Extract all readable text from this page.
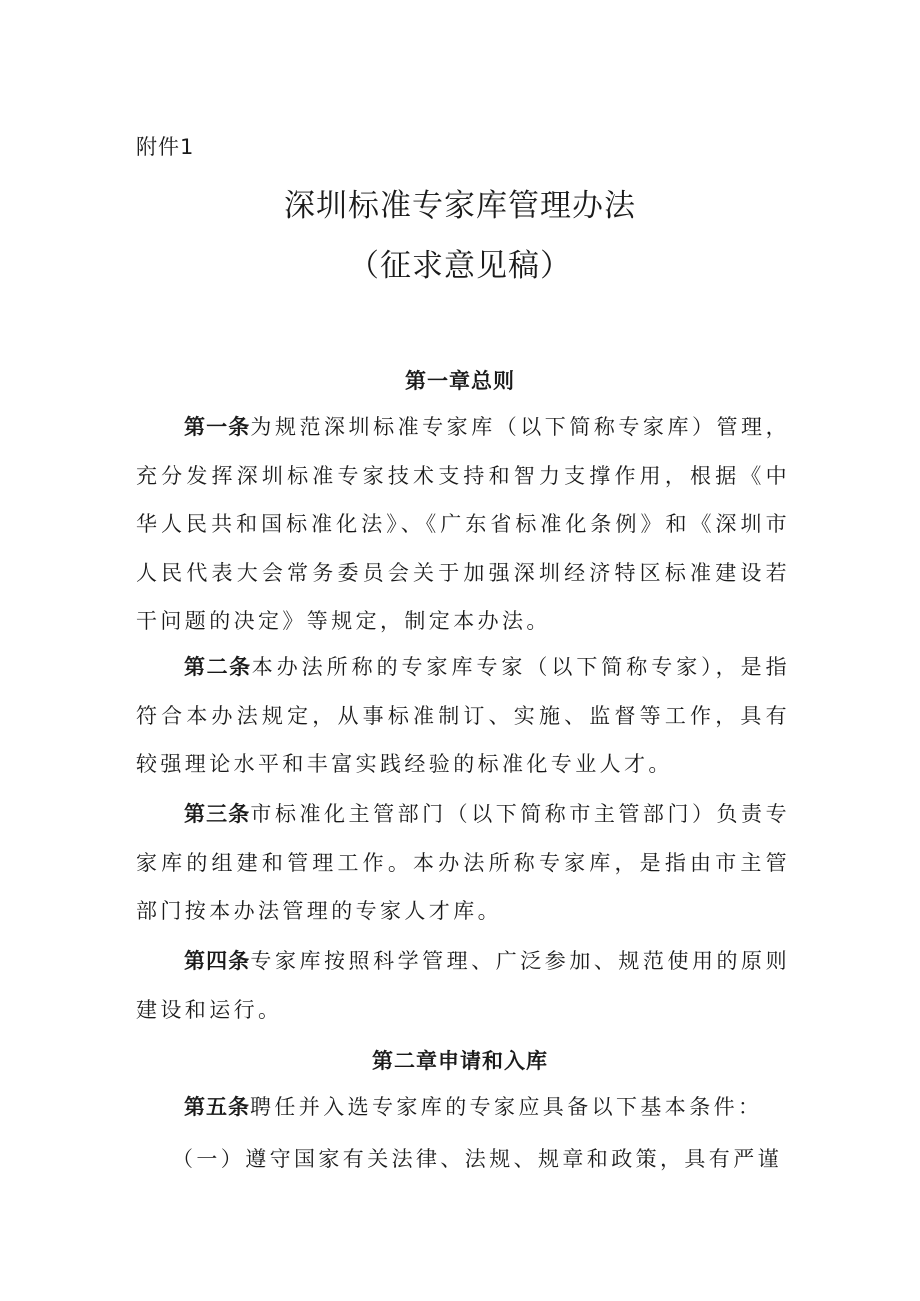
附件1
深圳标准专家库管理办法
（征求意见稿）
第一章总则
第一条为规范深圳标准专家库（以下简称专家库）管理，充分发挥深圳标准专家技术支持和智力支撑作用，根据《中华人民共和国标准化法》、《广东省标准化条例》和《深圳市人民代表大会常务委员会关于加强深圳经济特区标准建设若干问题的决定》等规定，制定本办法。
第二条本办法所称的专家库专家（以下简称专家），是指符合本办法规定，从事标准制订、实施、监督等工作，具有较强理论水平和丰富实践经验的标准化专业人才。
第三条市标准化主管部门（以下简称市主管部门）负责专家库的组建和管理工作。本办法所称专家库，是指由市主管部门按本办法管理的专家人才库。
第四条专家库按照科学管理、广泛参加、规范使用的原则建设和运行。
第二章申请和入库
第五条聘任并入选专家库的专家应具备以下基本条件：
（一）遵守国家有关法律、法规、规章和政策，具有严谨
